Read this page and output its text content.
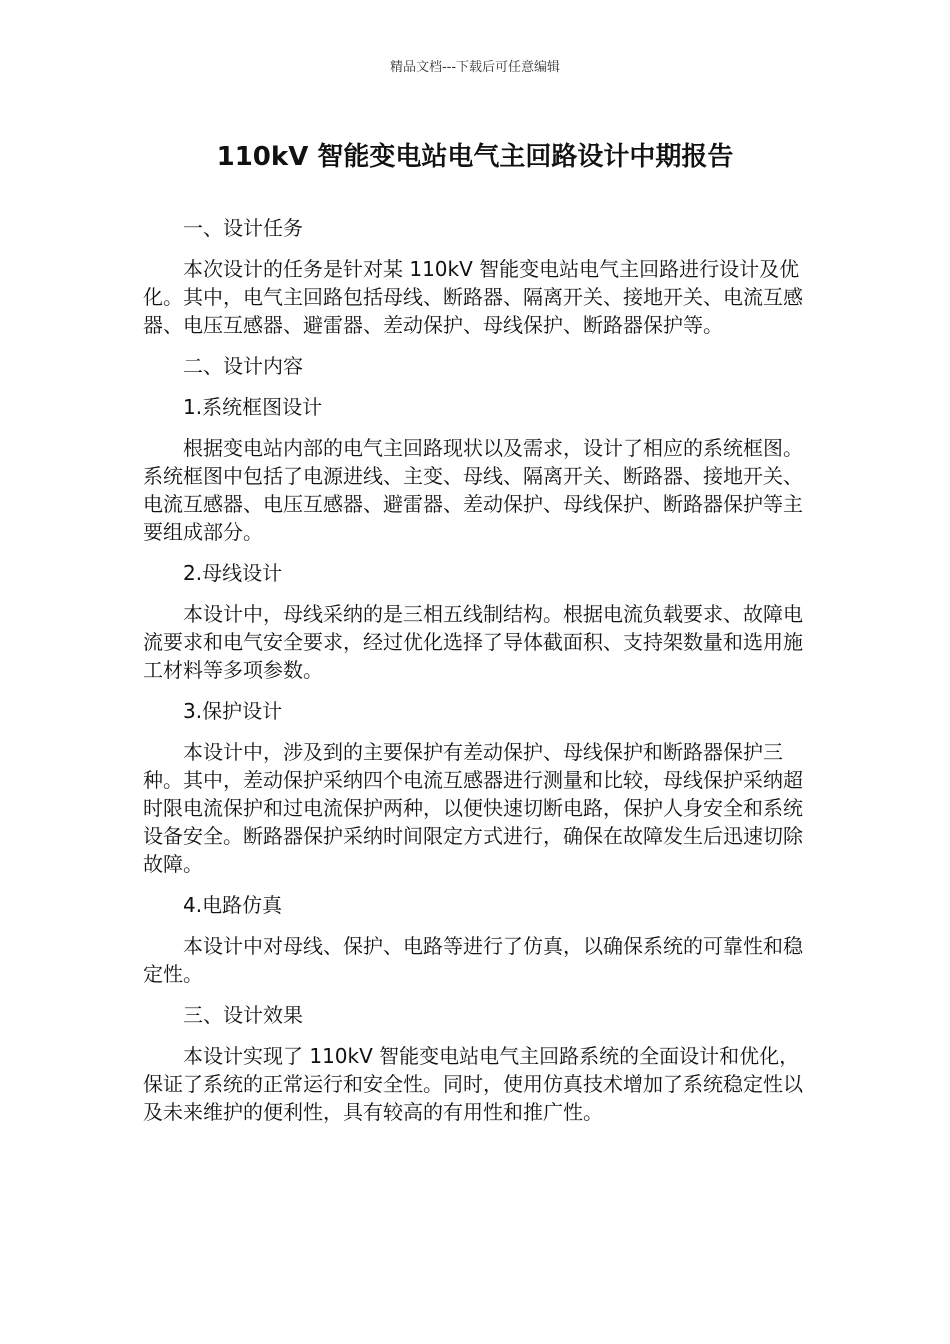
精品文档---下载后可任意编辑
110kV 智能变电站电气主回路设计中期报告

一、设计任务

本次设计的任务是针对某 110kV 智能变电站电气主回路进行设计及优化。其中，电气主回路包括母线、断路器、隔离开关、接地开关、电流互感器、电压互感器、避雷器、差动保护、母线保护、断路器保护等。

二、设计内容

1.系统框图设计

根据变电站内部的电气主回路现状以及需求，设计了相应的系统框图。系统框图中包括了电源进线、主变、母线、隔离开关、断路器、接地开关、电流互感器、电压互感器、避雷器、差动保护、母线保护、断路器保护等主要组成部分。

2.母线设计

本设计中，母线采纳的是三相五线制结构。根据电流负载要求、故障电流要求和电气安全要求，经过优化选择了导体截面积、支持架数量和选用施工材料等多项参数。

3.保护设计

本设计中，涉及到的主要保护有差动保护、母线保护和断路器保护三种。其中，差动保护采纳四个电流互感器进行测量和比较，母线保护采纳超时限电流保护和过电流保护两种，以便快速切断电路，保护人身安全和系统设备安全。断路器保护采纳时间限定方式进行，确保在故障发生后迅速切除故障。

4.电路仿真

本设计中对母线、保护、电路等进行了仿真，以确保系统的可靠性和稳定性。

三、设计效果

本设计实现了 110kV 智能变电站电气主回路系统的全面设计和优化，保证了系统的正常运行和安全性。同时，使用仿真技术增加了系统稳定性以及未来维护的便利性，具有较高的有用性和推广性。
